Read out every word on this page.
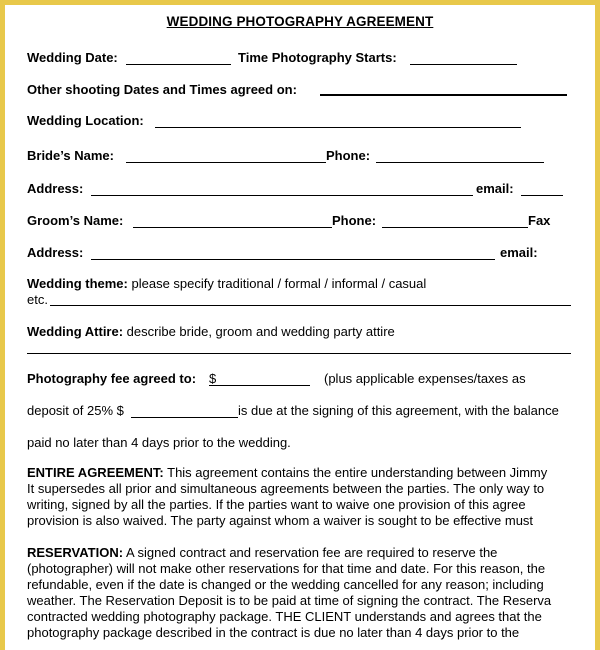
WEDDING PHOTOGRAPHY AGREEMENT
Wedding Date:	Time Photography Starts:
Other shooting Dates and Times agreed on:
Wedding Location:
Bride’s Name:	Phone:
Address:	email:
Groom’s Name:	Phone:	Fax
Address:	email:
Wedding theme: please specify traditional / formal / informal / casual
etc.
Wedding Attire: describe bride, groom and wedding party attire
Photography fee agreed to: $	(plus applicable expenses/taxes as
deposit of 25% $	is due at the signing of this agreement, with the balance
paid no later than 4 days prior to the wedding.
ENTIRE AGREEMENT: This agreement contains the entire understanding between Jimmy
It supersedes all prior and simultaneous agreements between the parties. The only way to
writing, signed by all the parties. If the parties want to waive one provision of this agree
provision is also waived. The party against whom a waiver is sought to be effective must
RESERVATION: A signed contract and reservation fee are required to reserve the
(photographer) will not make other reservations for that time and date. For this reason, the
refundable, even if the date is changed or the wedding cancelled for any reason; including
weather. The Reservation Deposit is to be paid at time of signing the contract. The Reserva
contracted wedding photography package. THE CLIENT understands and agrees that the
photography package described in the contract is due no later than 4 days prior to the
